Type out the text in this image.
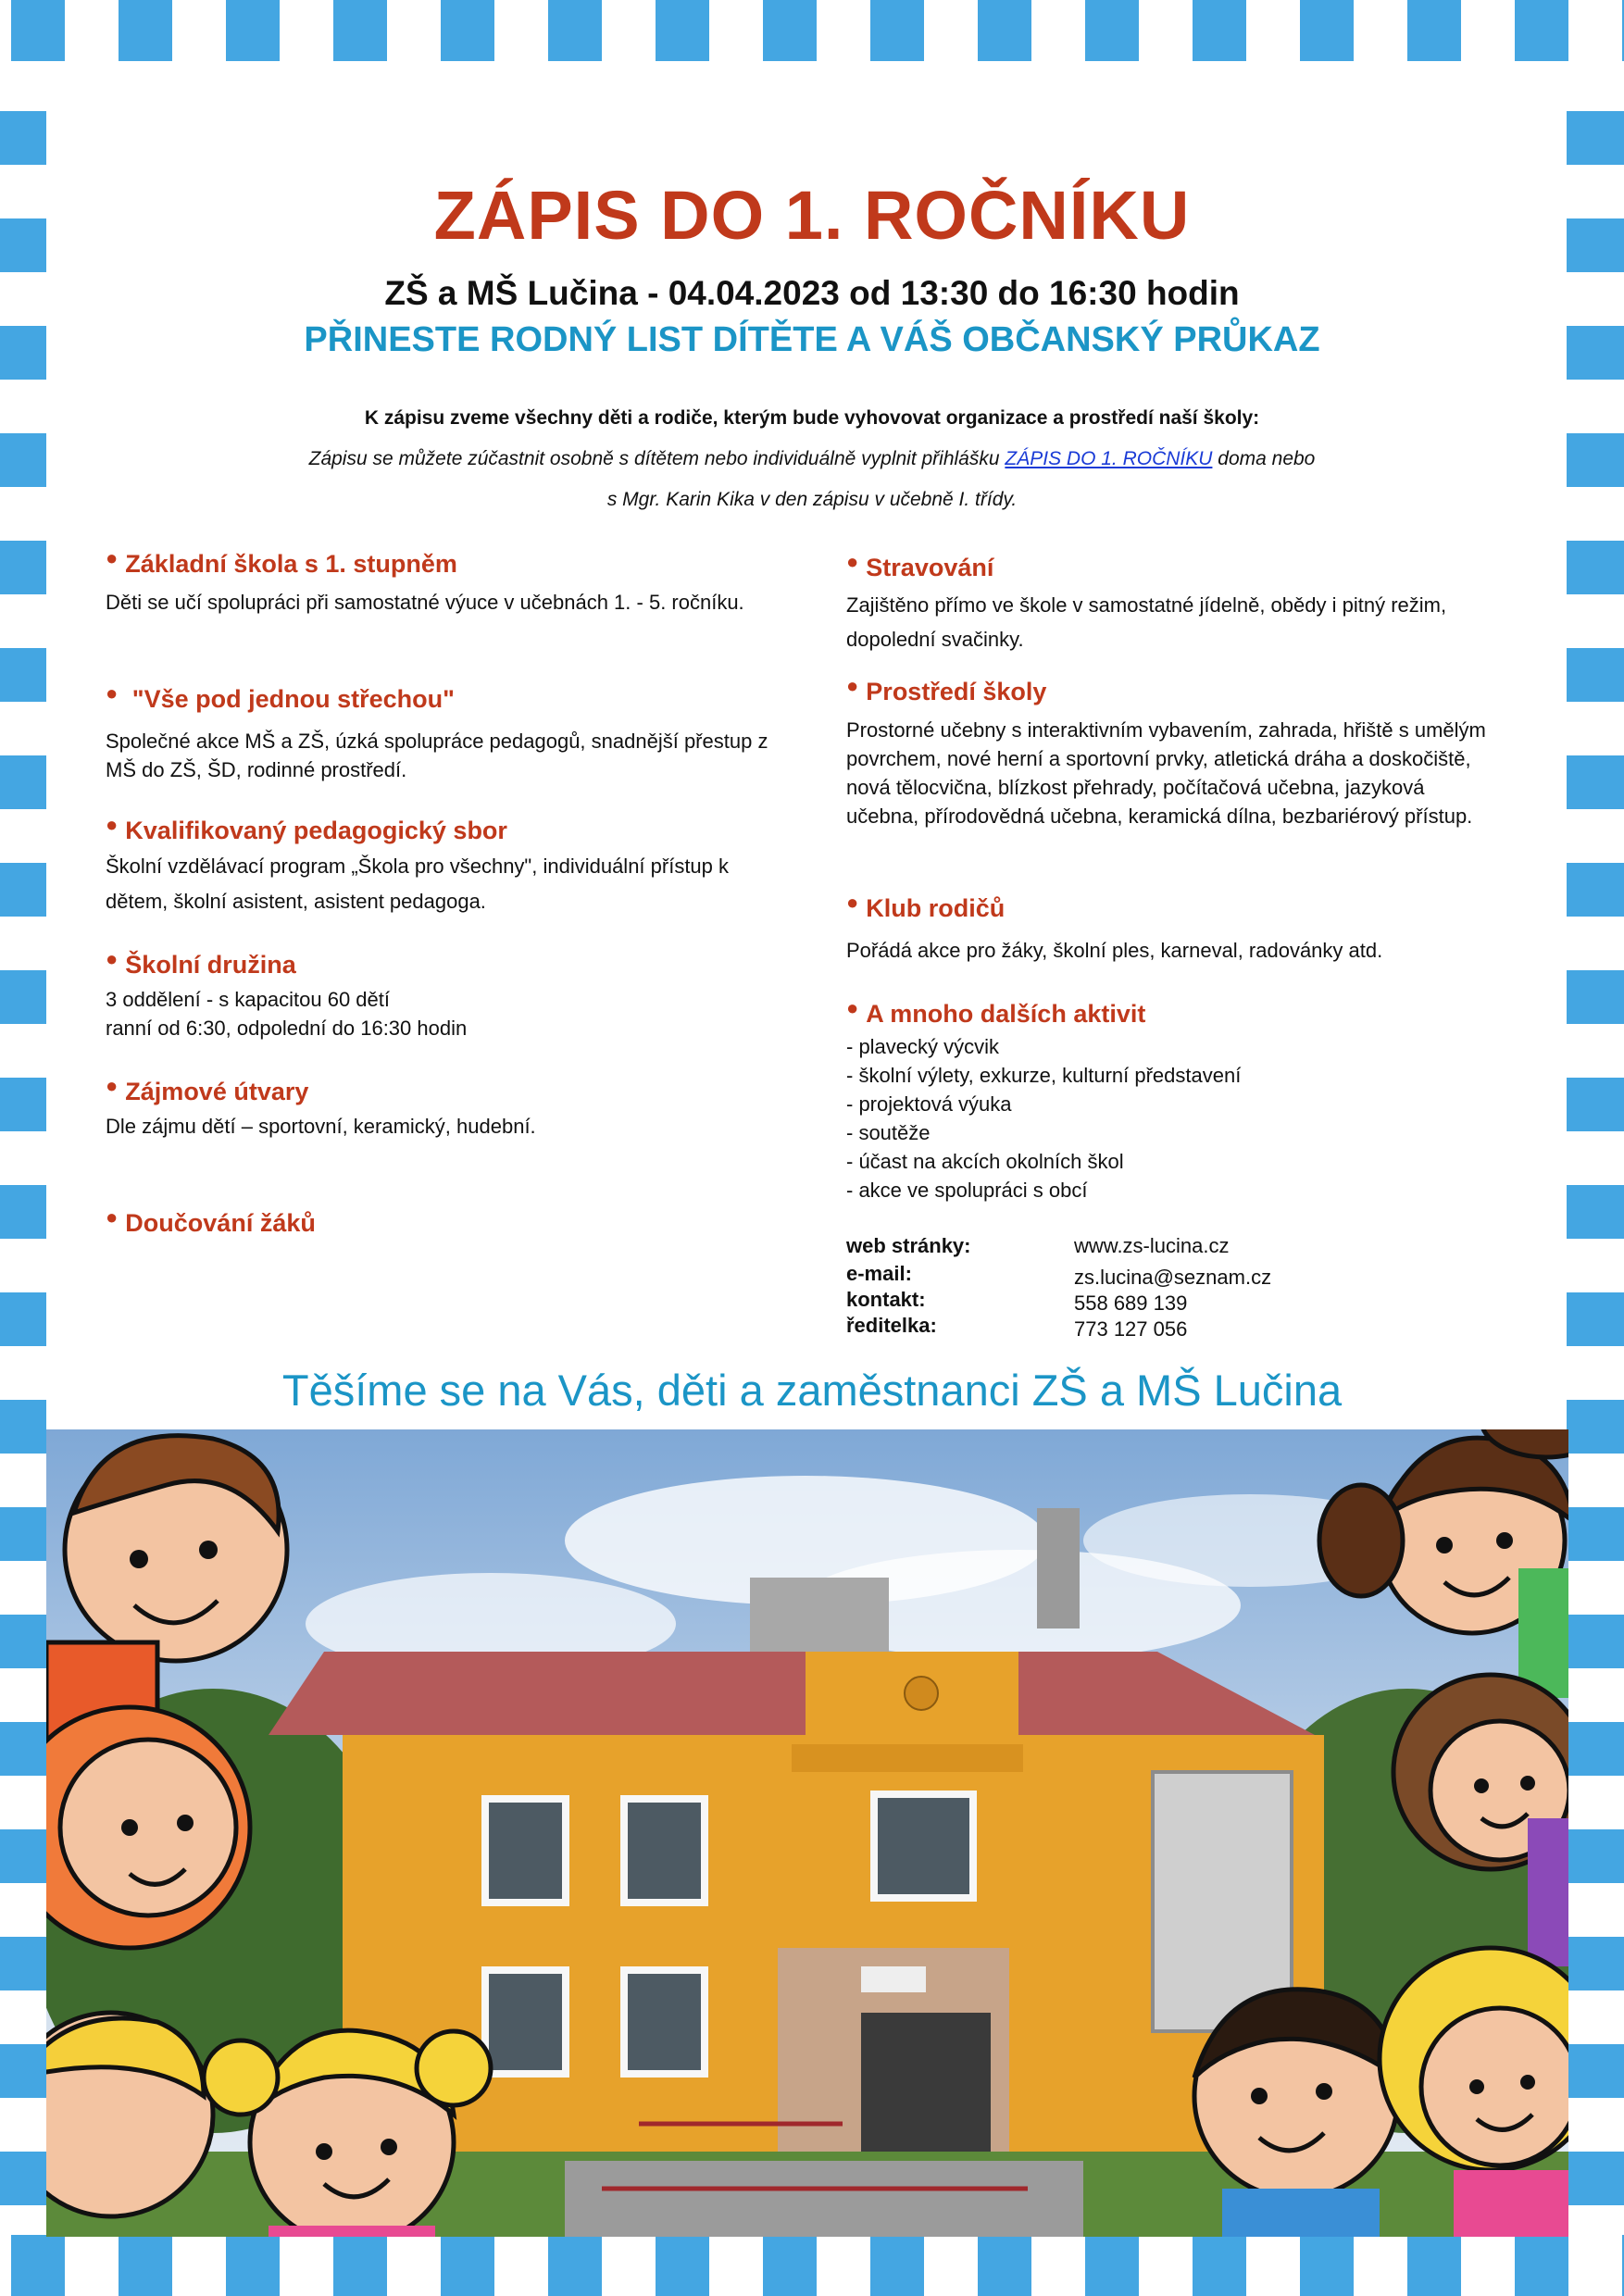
ZÁPIS DO 1. ROČNÍKU
ZŠ a MŠ Lučina - 04.04.2023 od 13:30 do 16:30 hodin
PŘINESTE RODNÝ LIST DÍTĚTE A VÁŠ OBČANSKÝ PRŮKAZ
K zápisu zveme všechny děti a rodiče, kterým bude vyhovovat organizace a prostředí naší školy:
Zápisu se můžete zúčastnit osobně s dítětem nebo individuálně vyplnit přihlášku ZÁPIS DO 1. ROČNÍKU doma nebo
s Mgr. Karin Kika v den zápisu v učebně I. třídy.
● Základní škola s 1. stupněm
Děti se učí spolupráci při samostatné výuce v učebnách 1. - 5. ročníku.
● "Vše pod jednou střechou"
Společné akce MŠ a ZŠ, úzká spolupráce pedagogů, snadnější přestup z MŠ do ZŠ, ŠD, rodinné prostředí.
● Kvalifikovaný pedagogický sbor
Školní vzdělávací program „Škola pro všechny", individuální přístup k dětem, školní asistent, asistent pedagoga.
● Školní družina
3 oddělení - s kapacitou 60 dětí
ranní od 6:30, odpolední do 16:30 hodin
● Zájmové útvary
Dle zájmu dětí – sportovní, keramický, hudební.
● Doučování žáků
● Stravování
Zajištěno přímo ve škole v samostatné jídelně, obědy i pitný režim, dopolední svačinky.
● Prostředí školy
Prostorné učebny s interaktivním vybavením, zahrada, hřiště s umělým povrchem, nové herní a sportovní prvky, atletická dráha a doskočiště, nová tělocvična, blízkost přehrady, počítačová učebna, jazyková učebna, přírodovědná učebna, keramická dílna, bezbariérový přístup.
● Klub rodičů
Pořádá akce pro žáky, školní ples, karneval, radovánky atd.
● A mnoho dalších aktivit
- plavecký výcvik
- školní výlety, exkurze, kulturní představení
- projektová výuka
- soutěže
- účast na akcích okolních škol
- akce ve spolupráci s obcí
web stránky:	www.zs-lucina.cz
e-mail:	zs.lucina@seznam.cz
kontakt:	558 689 139
ředitelka:	773 127 056
Těšíme se na Vás, děti a zaměstnanci ZŠ a MŠ Lučina
